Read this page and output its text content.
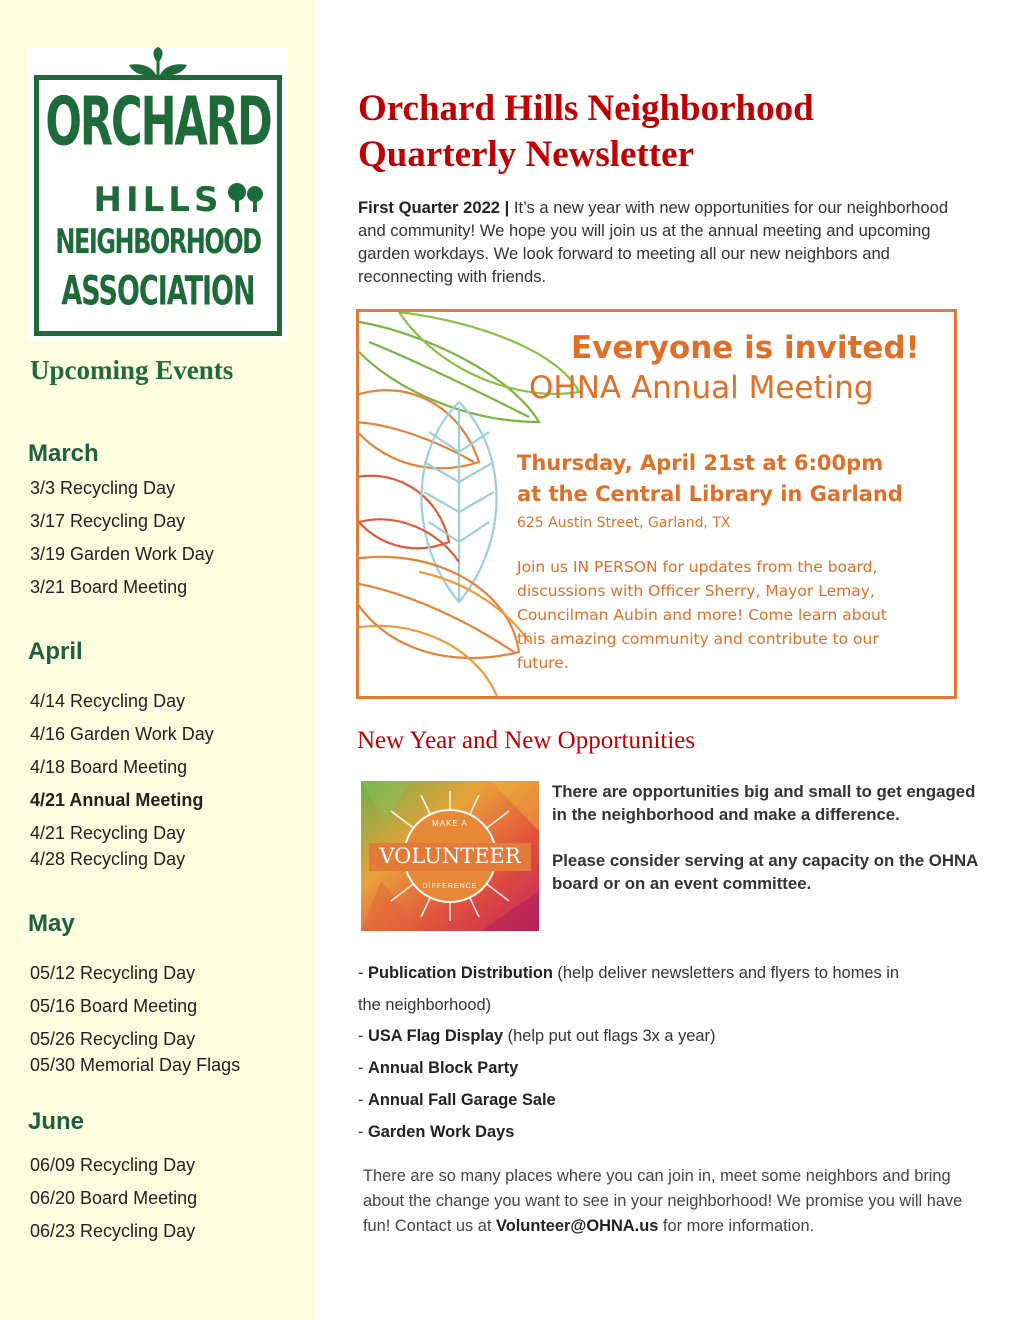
ORCHARD
HILLS
NEIGHBORHOOD
ASSOCIATION
Upcoming Events
March
3/3 Recycling Day
3/17 Recycling Day
3/19 Garden Work Day
3/21 Board Meeting
April
4/14 Recycling Day
4/16 Garden Work Day
4/18 Board Meeting
4/21 Annual Meeting
4/21 Recycling Day
4/28 Recycling Day
May
05/12 Recycling Day
05/16 Board Meeting
05/26 Recycling Day
05/30 Memorial Day Flags
June
06/09 Recycling Day
06/20 Board Meeting
06/23 Recycling Day
Orchard Hills Neighborhood
Quarterly Newsletter

First Quarter 2022 | It’s a new year with new opportunities for our neighborhood and community! We hope you will join us at the annual meeting and upcoming garden workdays. We look forward to meeting all our new neighbors and reconnecting with friends.

Everyone is invited!
OHNA Annual Meeting
Thursday, April 21st at 6:00pm
at the Central Library in Garland
625 Austin Street, Garland, TX
Join us IN PERSON for updates from the board,
discussions with Officer Sherry, Mayor Lemay,
Councilman Aubin and more! Come learn about
this amazing community and contribute to our
future.
New Year and New Opportunities
MAKE A
VOLUNTEER
DIFFERENCE

There are opportunities big and small to get engaged in the neighborhood and make a difference.

Please consider serving at any capacity on the OHNA board or on an event committee.

- Publication Distribution (help deliver newsletters and flyers to homes in
the neighborhood)
- USA Flag Display (help put out flags 3x a year)
- Annual Block Party
- Annual Fall Garage Sale
- Garden Work Days

There are so many places where you can join in, meet some neighbors and bring about the change you want to see in your neighborhood! We promise you will have fun! Contact us at Volunteer@OHNA.us for more information.
